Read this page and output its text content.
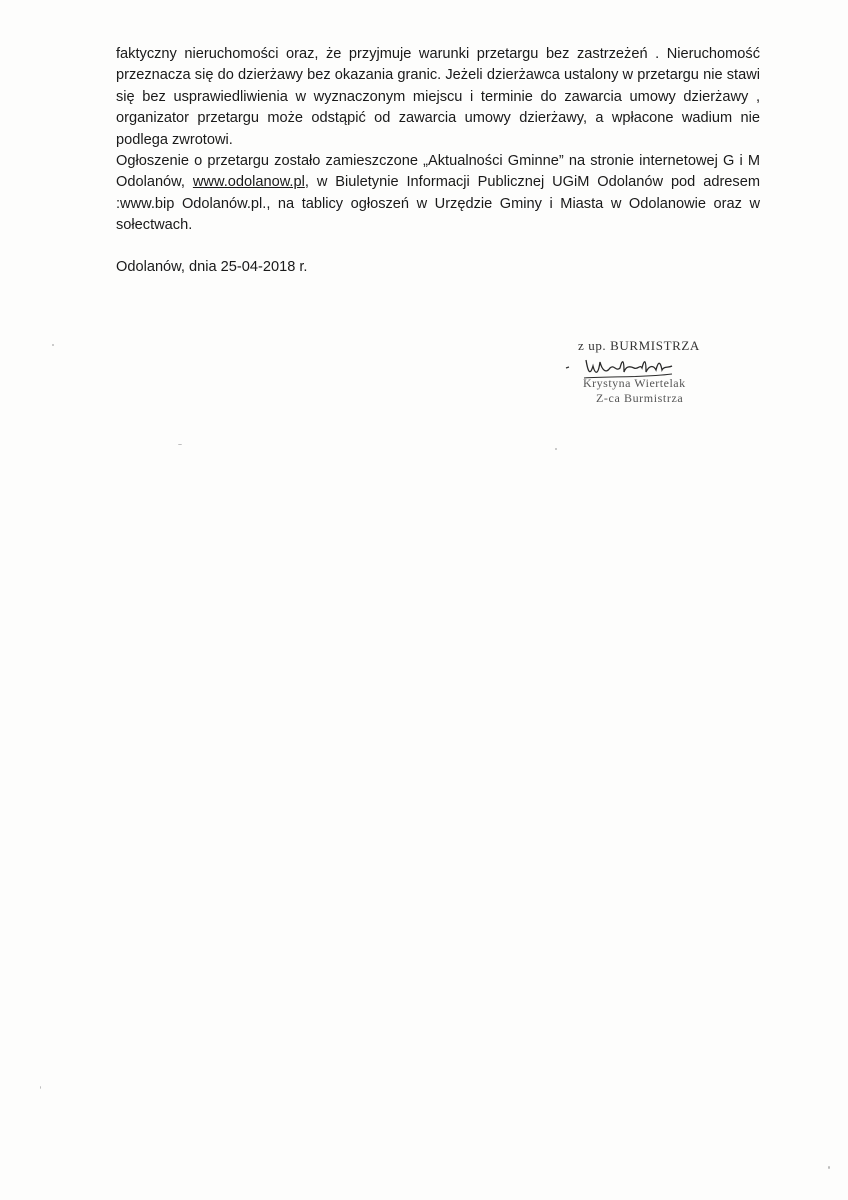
faktyczny nieruchomości oraz, że przyjmuje warunki przetargu bez zastrzeżeń . Nieruchomość przeznacza się do dzierżawy bez okazania granic. Jeżeli dzierżawca ustalony w przetargu nie stawi się bez usprawiedliwienia w wyznaczonym miejscu i terminie do zawarcia umowy dzierżawy , organizator przetargu może odstąpić od zawarcia umowy dzierżawy, a wpłacone wadium nie podlega zwrotowi.

Ogłoszenie o przetargu zostało zamieszczone „Aktualności Gminne” na stronie internetowej G i M Odolanów, www.odolanow.pl, w Biuletynie Informacji Publicznej UGiM Odolanów pod adresem :www.bip Odolanów.pl., na tablicy ogłoszeń w Urzędzie Gminy i Miasta w Odolanowie oraz w sołectwach.

Odolanów, dnia 25-04-2018 r.
z up. BURMISTRZA
Krystyna Wiertelak
Z-ca Burmistrza
